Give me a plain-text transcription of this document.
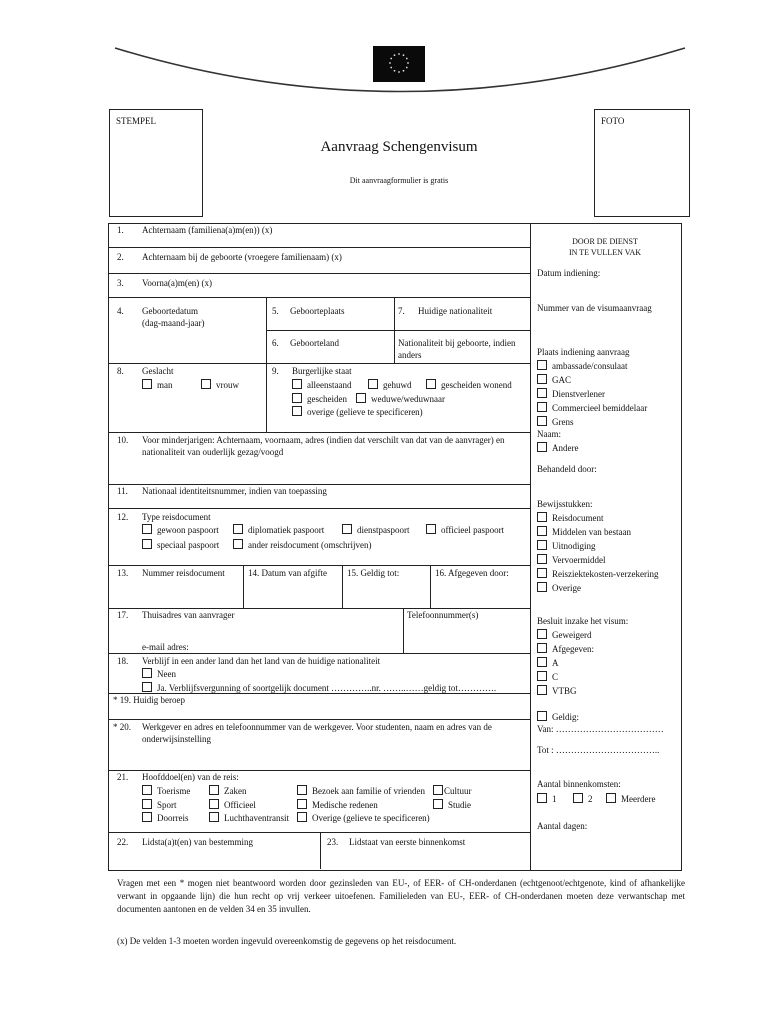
STEMPEL	FOTO
Aanvraag Schengenvisum
Dit aanvraagformulier is gratis
1. Achternaam (familiena(a)m(en)) (x)
2. Achternaam bij de geboorte (vroegere familienaam) (x)
3. Voorna(a)m(en) (x)
4. Geboortedatum
(dag-maand-jaar)
5. Geboorteplaats	7. Huidige nationaliteit
6. Geboorteland	Nationaliteit bij geboorte, indien
anders
8. Geslacht
man	vrouw
9. Burgerlijke staat
alleenstaand	gehuwd	gescheiden wonend
gescheiden	weduwe/weduwnaar
overige (gelieve te specificeren)
10. Voor minderjarigen: Achternaam, voornaam, adres (indien dat verschilt van dat van de aanvrager) en
nationaliteit van ouderlijk gezag/voogd
11. Nationaal identiteitsnummer, indien van toepassing
12. Type reisdocument
gewoon paspoort	diplomatiek paspoort	dienstpaspoort	officieel paspoort
speciaal paspoort	ander reisdocument (omschrijven)
13. Nummer reisdocument	14. Datum van afgifte 15. Geldig tot:	16. Afgegeven door:
17. Thuisadres van aanvrager	Telefoonnummer(s)
e-mail adres:
18. Verblijf in een ander land dan het land van de huidige nationaliteit
Neen
Ja. Verblijfsvergunning of soortgelijk document …………..nr. ……..……geldig tot………….
* 19. Huidig beroep
* 20. Werkgever en adres en telefoonnummer van de werkgever. Voor studenten, naam en adres van de
onderwijsinstelling
21. Hoofddoel(en) van de reis:
Toerisme	Zaken	Bezoek aan familie of vrienden	Cultuur
Sport	Officieel	Medische redenen	Studie
Doorreis	Luchthaventransit	Overige (gelieve te specificeren)
22. Lidsta(a)t(en) van bestemming	23. Lidstaat van eerste binnenkomst
DOOR DE DIENST
IN TE VULLEN VAK
Datum indiening:
Nummer van de visumaanvraag
Plaats indiening aanvraag
ambassade/consulaat
GAC
Dienstverlener
Commercieel bemiddelaar
Grens
Naam:
Andere
Behandeld door:
Bewijsstukken:
Reisdocument
Middelen van bestaan
Uitnodiging
Vervoermiddel
Reisziektekosten-verzekering
Overige
Besluit inzake het visum:
Geweigerd
Afgegeven:
A
C
VTBG
Geldig:
Van: ………………………………
Tot : ……………………………..
Aantal binnenkomsten:
1	2	Meerdere
Aantal dagen:
Vragen met een * mogen niet beantwoord worden door gezinsleden van EU-, of EER- of CH-onderdanen (echtgenoot/echtgenote, kind of afhankelijke verwant in opgaande lijn) die hun recht op vrij verkeer uitoefenen. Familieleden van EU-, EER- of CH-onderdanen moeten deze verwantschap met documenten aantonen en de velden 34 en 35 invullen.
(x) De velden 1-3 moeten worden ingevuld overeenkomstig de gegevens op het reisdocument.
